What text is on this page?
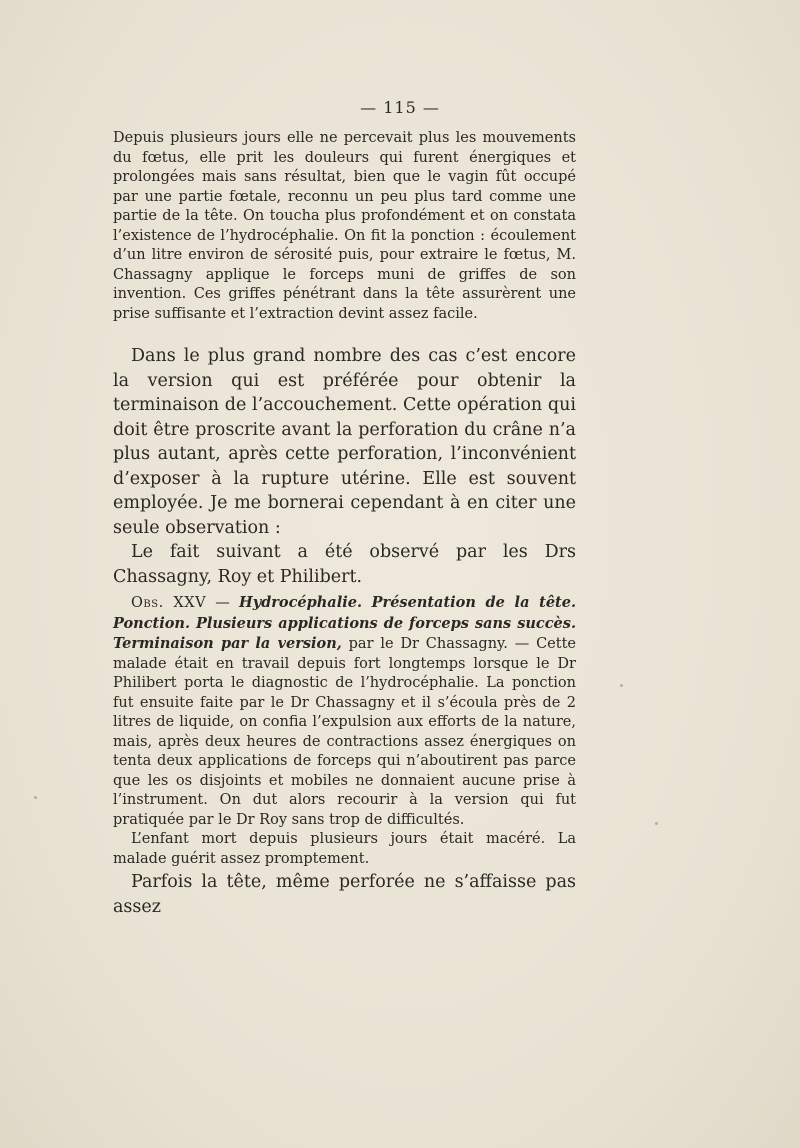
— 115 —

Depuis plusieurs jours elle ne percevait plus les mouvements du fœtus, elle prit les douleurs qui furent énergiques et prolongées mais sans résultat, bien que le vagin fût occupé par une partie fœtale, reconnu un peu plus tard comme une partie de la tête. On toucha plus profondément et on constata l’existence de l’hydrocéphalie. On fit la ponction : écoulement d’un litre environ de sérosité puis, pour extraire le fœtus, M. Chassagny applique le forceps muni de griffes de son invention. Ces griffes pénétrant dans la tête assurèrent une prise suffisante et l’extraction devint assez facile.

Dans le plus grand nombre des cas c’est encore la version qui est préférée pour obtenir la terminaison de l’accouchement. Cette opération qui doit être proscrite avant la perforation du crâne n’a plus autant, après cette perforation, l’inconvénient d’exposer à la rupture utérine. Elle est souvent employée. Je me bornerai cependant à en citer une seule observation :

Le fait suivant a été observé par les Drs Chassagny, Roy et Philibert.

Obs. XXV — Hydrocéphalie. Présentation de la tête. Ponction. Plusieurs applications de forceps sans succès. Terminaison par la version, par le Dr Chassagny. — Cette malade était en travail depuis fort longtemps lorsque le Dr Philibert porta le diagnostic de l’hydrocéphalie. La ponction fut ensuite faite par le Dr Chassagny et il s’écoula près de 2 litres de liquide, on confia l’expulsion aux efforts de la nature, mais, après deux heures de contractions assez énergiques on tenta deux applications de forceps qui n’aboutirent pas parce que les os disjoints et mobiles ne donnaient aucune prise à l’instrument. On dut alors recourir à la version qui fut pratiquée par le Dr Roy sans trop de difficultés.

L’enfant mort depuis plusieurs jours était macéré. La malade guérit assez promptement.

Parfois la tête, même perforée ne s’affaisse pas assez
